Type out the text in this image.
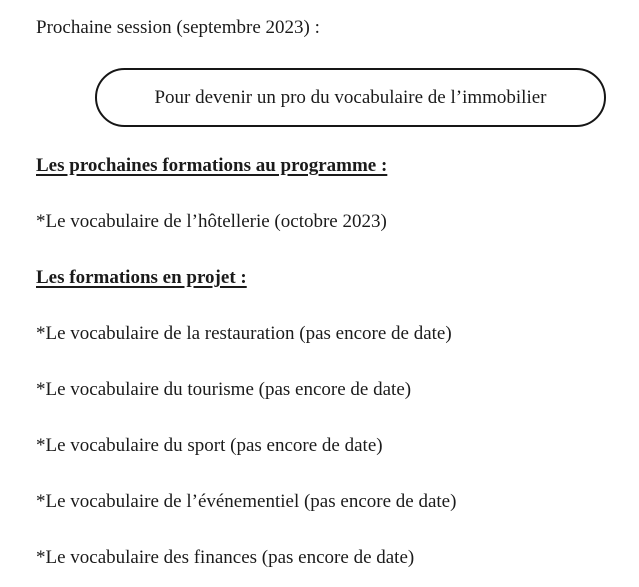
Prochaine session (septembre 2023) :

Pour devenir un pro du vocabulaire de l’immobilier

Les prochaines formations au programme :

*Le vocabulaire de l’hôtellerie (octobre 2023)

Les formations en projet :

*Le vocabulaire de la restauration (pas encore de date)

*Le vocabulaire du tourisme (pas encore de date)

*Le vocabulaire du sport (pas encore de date)

*Le vocabulaire de l’événementiel (pas encore de date)

*Le vocabulaire des finances (pas encore de date)
